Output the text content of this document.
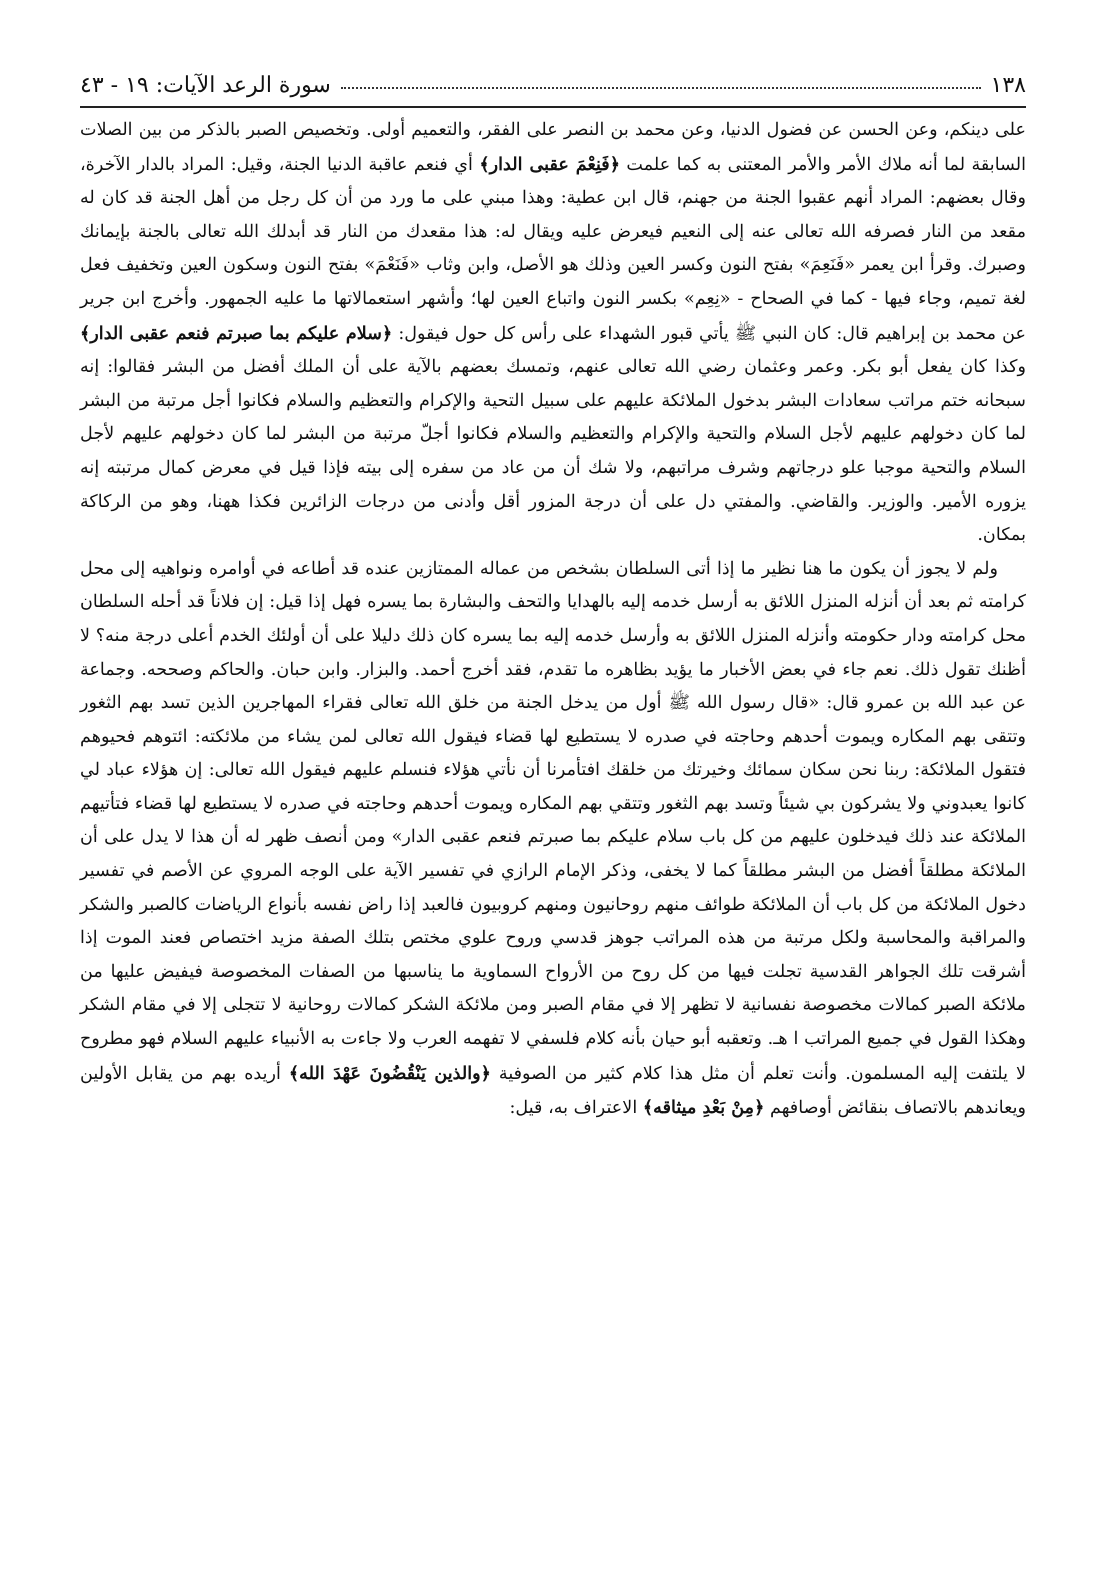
١٣٨
سورة الرعد الآيات: ١٩ - ٤٣

على دينكم، وعن الحسن عن فضول الدنيا، وعن محمد بن النصر على الفقر، والتعميم أولى. وتخصيص الصبر بالذكر من بين الصلات السابقة لما أنه ملاك الأمر والأمر المعتنى به كما علمت ﴿فَنِعْمَ عقبى الدار﴾ أي فنعم عاقبة الدنيا الجنة، وقيل: المراد بالدار الآخرة، وقال بعضهم: المراد أنهم عقبوا الجنة من جهنم، قال ابن عطية: وهذا مبني على ما ورد من أن كل رجل من أهل الجنة قد كان له مقعد من النار فصرفه الله تعالى عنه إلى النعيم فيعرض عليه ويقال له: هذا مقعدك من النار قد أبدلك الله تعالى بالجنة بإيمانك وصبرك. وقرأ ابن يعمر «فَنَعِمَ» بفتح النون وكسر العين وذلك هو الأصل، وابن وثاب «فَنَعْمَ» بفتح النون وسكون العين وتخفيف فعل لغة تميم، وجاء فيها - كما في الصحاح - «نِعِم» بكسر النون واتباع العين لها؛ وأشهر استعمالاتها ما عليه الجمهور. وأخرج ابن جرير عن محمد بن إبراهيم قال: كان النبي ﷺ يأتي قبور الشهداء على رأس كل حول فيقول: ﴿سلام عليكم بما صبرتم فنعم عقبى الدار﴾ وكذا كان يفعل أبو بكر. وعمر وعثمان رضي الله تعالى عنهم، وتمسك بعضهم بالآية على أن الملك أفضل من البشر فقالوا: إنه سبحانه ختم مراتب سعادات البشر بدخول الملائكة عليهم على سبيل التحية والإكرام والتعظيم والسلام فكانوا أجل مرتبة من البشر لما كان دخولهم عليهم لأجل السلام والتحية والإكرام والتعظيم والسلام فكانوا أجلّ مرتبة من البشر لما كان دخولهم عليهم لأجل السلام والتحية موجبا علو درجاتهم وشرف مراتبهم، ولا شك أن من عاد من سفره إلى بيته فإذا قيل في معرض كمال مرتبته إنه يزوره الأمير. والوزير. والقاضي. والمفتي دل على أن درجة المزور أقل وأدنى من درجات الزائرين فكذا ههنا، وهو من الركاكة بمكان.

ولم لا يجوز أن يكون ما هنا نظير ما إذا أتى السلطان بشخص من عماله الممتازين عنده قد أطاعه في أوامره ونواهيه إلى محل كرامته ثم بعد أن أنزله المنزل اللائق به أرسل خدمه إليه بالهدايا والتحف والبشارة بما يسره فهل إذا قيل: إن فلاناً قد أحله السلطان محل كرامته ودار حكومته وأنزله المنزل اللائق به وأرسل خدمه إليه بما يسره كان ذلك دليلا على أن أولئك الخدم أعلى درجة منه؟ لا أظنك تقول ذلك. نعم جاء في بعض الأخبار ما يؤيد بظاهره ما تقدم، فقد أخرج أحمد. والبزار. وابن حبان. والحاكم وصححه. وجماعة عن عبد الله بن عمرو قال: «قال رسول الله ﷺ أول من يدخل الجنة من خلق الله تعالى فقراء المهاجرين الذين تسد بهم الثغور وتتقى بهم المكاره ويموت أحدهم وحاجته في صدره لا يستطيع لها قضاء فيقول الله تعالى لمن يشاء من ملائكته: ائتوهم فحيوهم فتقول الملائكة: ربنا نحن سكان سمائك وخيرتك من خلقك افتأمرنا أن نأتي هؤلاء فنسلم عليهم فيقول الله تعالى: إن هؤلاء عباد لي كانوا يعبدوني ولا يشركون بي شيئاً وتسد بهم الثغور وتتقي بهم المكاره ويموت أحدهم وحاجته في صدره لا يستطيع لها قضاء فتأتيهم الملائكة عند ذلك فيدخلون عليهم من كل باب سلام عليكم بما صبرتم فنعم عقبى الدار» ومن أنصف ظهر له أن هذا لا يدل على أن الملائكة مطلقاً أفضل من البشر مطلقاً كما لا يخفى، وذكر الإمام الرازي في تفسير الآية على الوجه المروي عن الأصم في تفسير دخول الملائكة من كل باب أن الملائكة طوائف منهم روحانيون ومنهم كروبيون فالعبد إذا راض نفسه بأنواع الرياضات كالصبر والشكر والمراقبة والمحاسبة ولكل مرتبة من هذه المراتب جوهز قدسي وروح علوي مختص بتلك الصفة مزيد اختصاص فعند الموت إذا أشرقت تلك الجواهر القدسية تجلت فيها من كل روح من الأرواح السماوية ما يناسبها من الصفات المخصوصة فيفيض عليها من ملائكة الصبر كمالات مخصوصة نفسانية لا تظهر إلا في مقام الصبر ومن ملائكة الشكر كمالات روحانية لا تتجلى إلا في مقام الشكر وهكذا القول في جميع المراتب ا هـ. وتعقبه أبو حيان بأنه كلام فلسفي لا تفهمه العرب ولا جاءت به الأنبياء عليهم السلام فهو مطروح لا يلتفت إليه المسلمون. وأنت تعلم أن مثل هذا كلام كثير من الصوفية ﴿والذين يَنْقُضُونَ عَهْدَ الله﴾ أريده بهم من يقابل الأولين ويعاندهم بالاتصاف بنقائض أوصافهم ﴿مِنْ بَعْدِ ميثاقه﴾ الاعتراف به، قيل:
